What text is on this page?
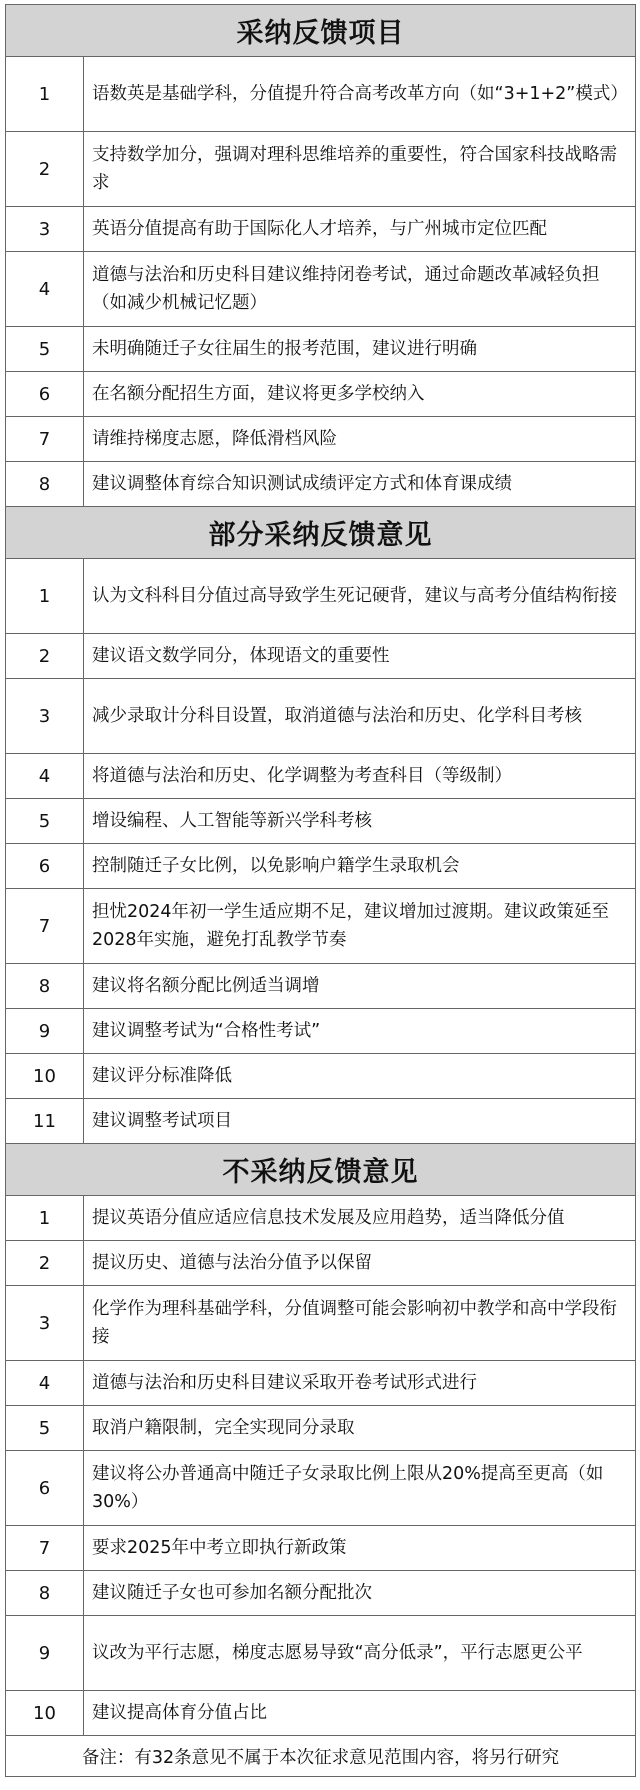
采纳反馈项目	
1	语数英是基础学科，分值提升符合高考改革方向（如“3+1+2”模式）
2	支持数学加分，强调对理科思维培养的重要性，符合国家科技战略需求
3	英语分值提高有助于国际化人才培养，与广州城市定位匹配
4	道德与法治和历史科目建议维持闭卷考试，通过命题改革减轻负担（如减少机械记忆题）
5	未明确随迁子女往届生的报考范围，建议进行明确
6	在名额分配招生方面，建议将更多学校纳入
7	请维持梯度志愿，降低滑档风险
8	建议调整体育综合知识测试成绩评定方式和体育课成绩
部分采纳反馈意见	
1	认为文科科目分值过高导致学生死记硬背，建议与高考分值结构衔接
2	建议语文数学同分，体现语文的重要性
3	减少录取计分科目设置，取消道德与法治和历史、化学科目考核
4	将道德与法治和历史、化学调整为考查科目（等级制）
5	增设编程、人工智能等新兴学科考核
6	控制随迁子女比例，以免影响户籍学生录取机会
7	担忧2024年初一学生适应期不足，建议增加过渡期。建议政策延至2028年实施，避免打乱教学节奏
8	建议将名额分配比例适当调增
9	建议调整考试为“合格性考试”
10	建议评分标准降低
11	建议调整考试项目
不采纳反馈意见	
1	提议英语分值应适应信息技术发展及应用趋势，适当降低分值
2	提议历史、道德与法治分值予以保留
3	化学作为理科基础学科，分值调整可能会影响初中教学和高中学段衔接
4	道德与法治和历史科目建议采取开卷考试形式进行
5	取消户籍限制，完全实现同分录取
6	建议将公办普通高中随迁子女录取比例上限从20%提高至更高（如30%）
7	要求2025年中考立即执行新政策
8	建议随迁子女也可参加名额分配批次
9	议改为平行志愿，梯度志愿易导致“高分低录”，平行志愿更公平
10	建议提高体育分值占比
备注：有32条意见不属于本次征求意见范围内容，将另行研究	
